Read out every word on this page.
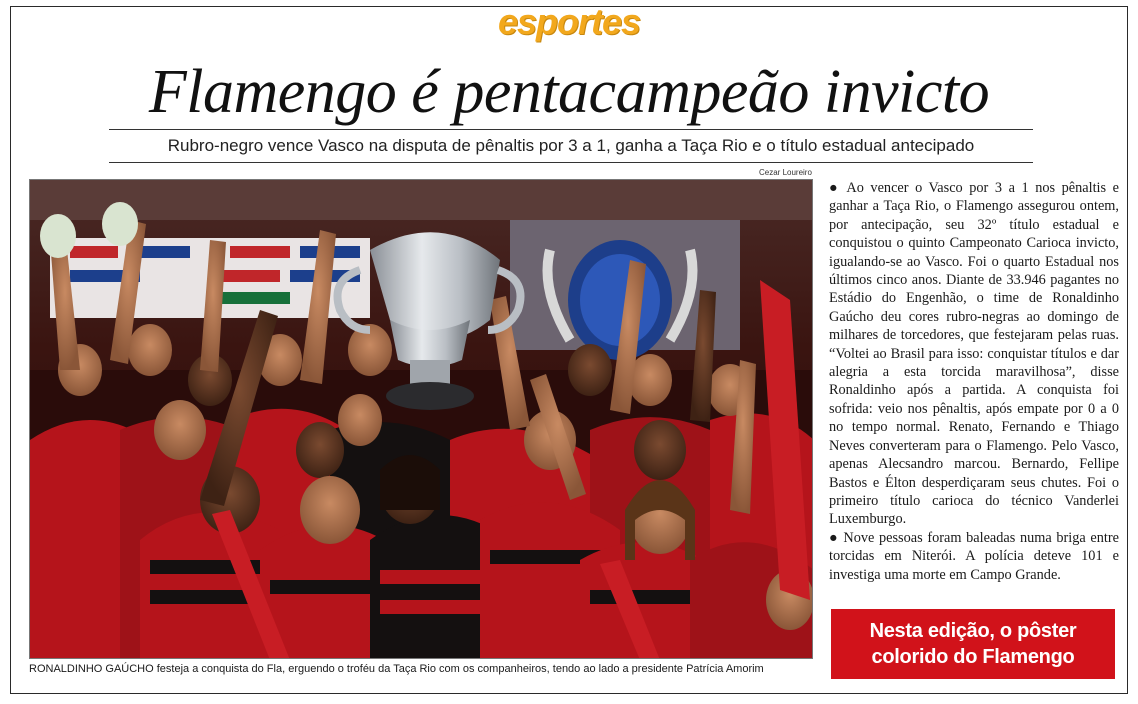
esportes
Flamengo é pentacampeão invicto
Rubro-negro vence Vasco na disputa de pênaltis por 3 a 1, ganha a Taça Rio e o título estadual antecipado
Cezar Loureiro
RONALDINHO GAÚCHO festeja a conquista do Fla, erguendo o troféu da Taça Rio com os companheiros, tendo ao lado a presidente Patrícia Amorim

● Ao vencer o Vasco por 3 a 1 nos pênaltis e ganhar a Taça Rio, o Flamengo assegurou ontem, por antecipação, seu 32º título estadual e conquistou o quinto Campeonato Carioca invicto, igualando-se ao Vasco. Foi o quarto Estadual nos últimos cinco anos. Diante de 33.946 pagantes no Estádio do Engenhão, o time de Ronaldinho Gaúcho deu cores rubro-negras ao domingo de milhares de torcedores, que festejaram pelas ruas. “Voltei ao Brasil para isso: conquistar títulos e dar alegria a esta torcida maravilhosa”, disse Ronaldinho após a partida. A conquista foi sofrida: veio nos pênaltis, após empate por 0 a 0 no tempo normal. Renato, Fernando e Thiago Neves converteram para o Flamengo. Pelo Vasco, apenas Alecsandro marcou. Bernardo, Fellipe Bastos e Élton desperdiçaram seus chutes. Foi o primeiro título carioca do técnico Vanderlei Luxemburgo.

● Nove pessoas foram baleadas numa briga entre torcidas em Niterói. A polícia deteve 101 e investiga uma morte em Campo Grande.

Nesta edição, o pôster
colorido do Flamengo
